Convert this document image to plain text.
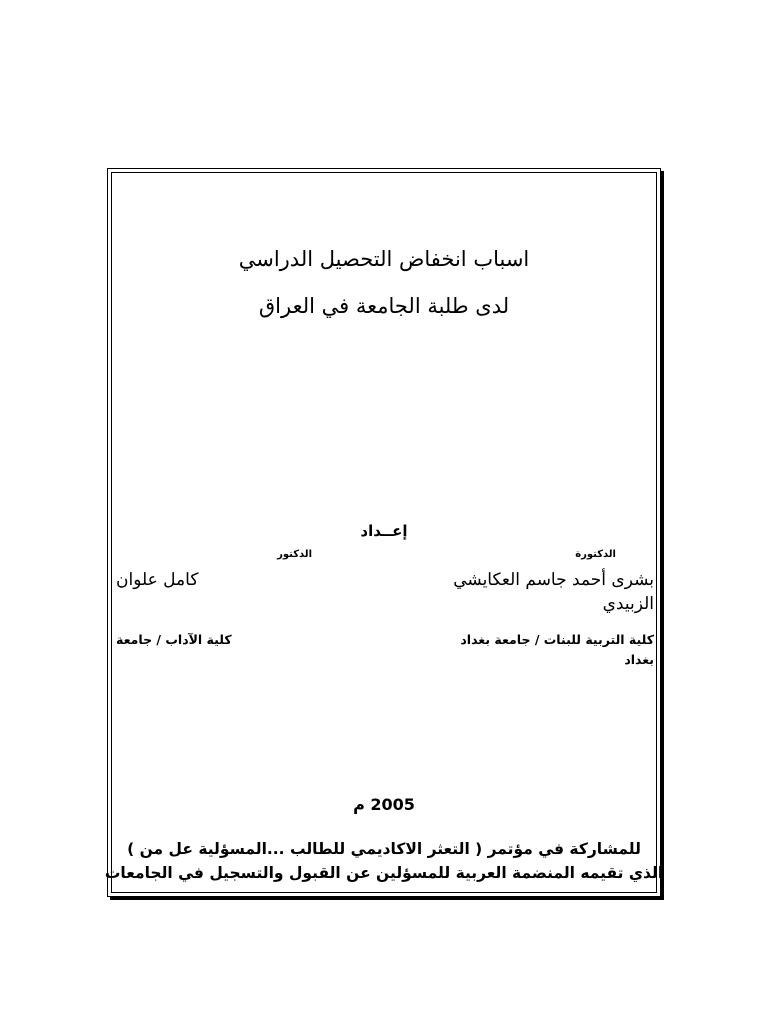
اسباب انخفاض التحصيل الدراسي
لدى طلبة الجامعة في العراق
إعــداد
الدكتورة
الدكتور
بشرى أحمد جاسم العكايشي
كامل علوان
الزبيدي
كلية التربية للبنات / جامعة بغداد
كلية الآداب / جامعة
بغداد
2005 م
للمشاركة في مؤتمر ( التعثر الاكاديمي للطالب ...المسؤلية عل من )
الذي تقيمه المنضمة العربية للمسؤلين عن القبول والتسجيل في الجامعات
